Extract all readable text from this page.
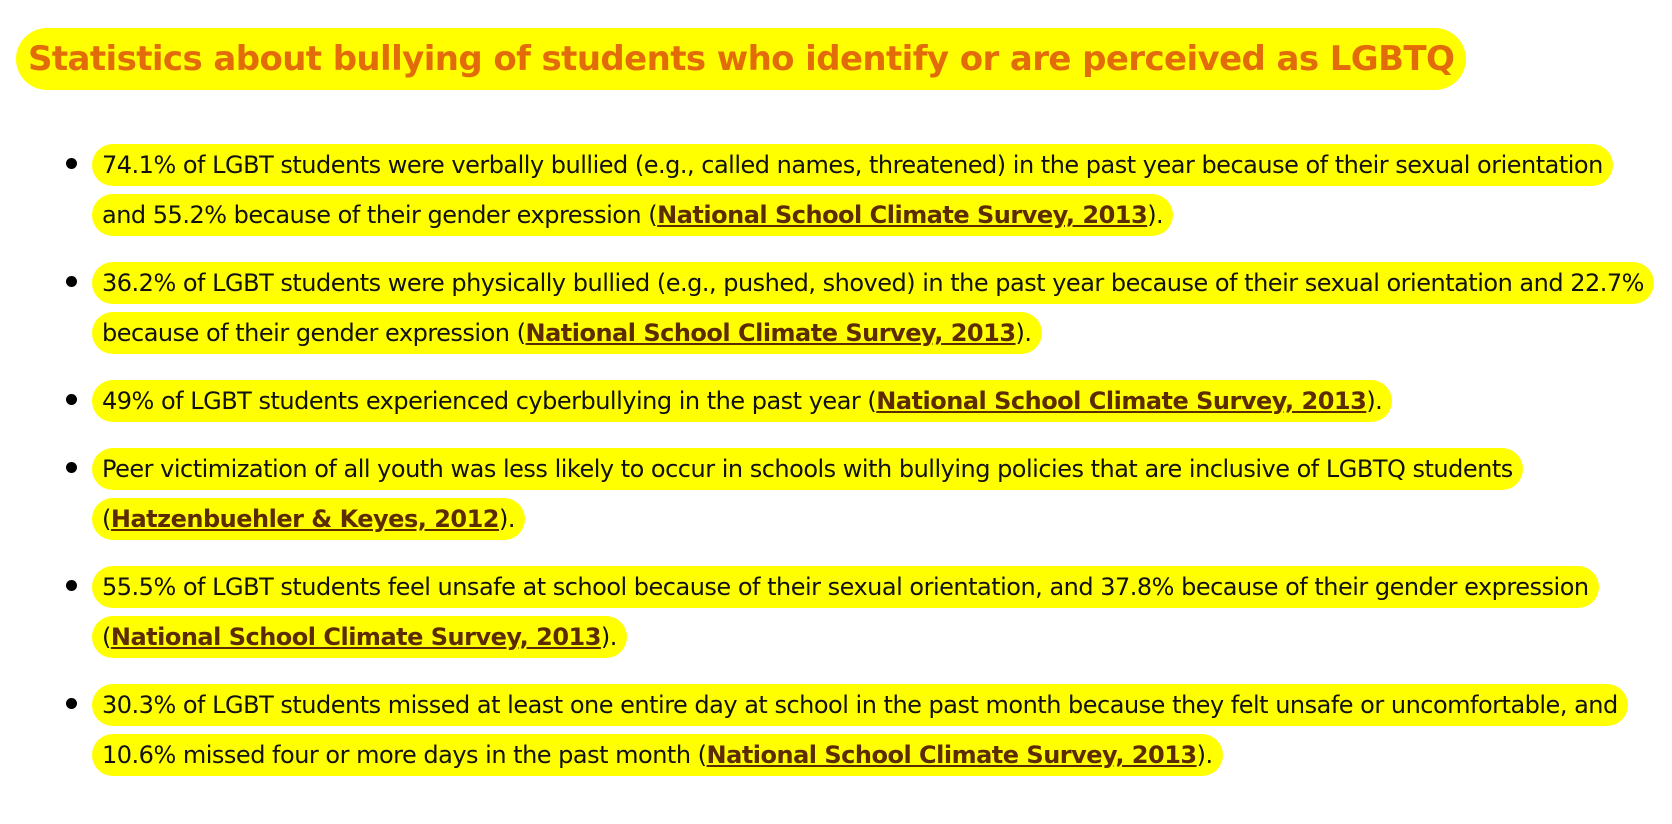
Statistics about bullying of students who identify or are perceived as LGBTQ
74.1% of LGBT students were verbally bullied (e.g., called names, threatened) in the past year because of their sexual orientation and 55.2% because of their gender expression (National School Climate Survey, 2013).
36.2% of LGBT students were physically bullied (e.g., pushed, shoved) in the past year because of their sexual orientation and 22.7% because of their gender expression (National School Climate Survey, 2013).
49% of LGBT students experienced cyberbullying in the past year (National School Climate Survey, 2013).
Peer victimization of all youth was less likely to occur in schools with bullying policies that are inclusive of LGBTQ students (Hatzenbuehler & Keyes, 2012).
55.5% of LGBT students feel unsafe at school because of their sexual orientation, and 37.8% because of their gender expression (National School Climate Survey, 2013).
30.3% of LGBT students missed at least one entire day at school in the past month because they felt unsafe or uncomfortable, and 10.6% missed four or more days in the past month (National School Climate Survey, 2013).
